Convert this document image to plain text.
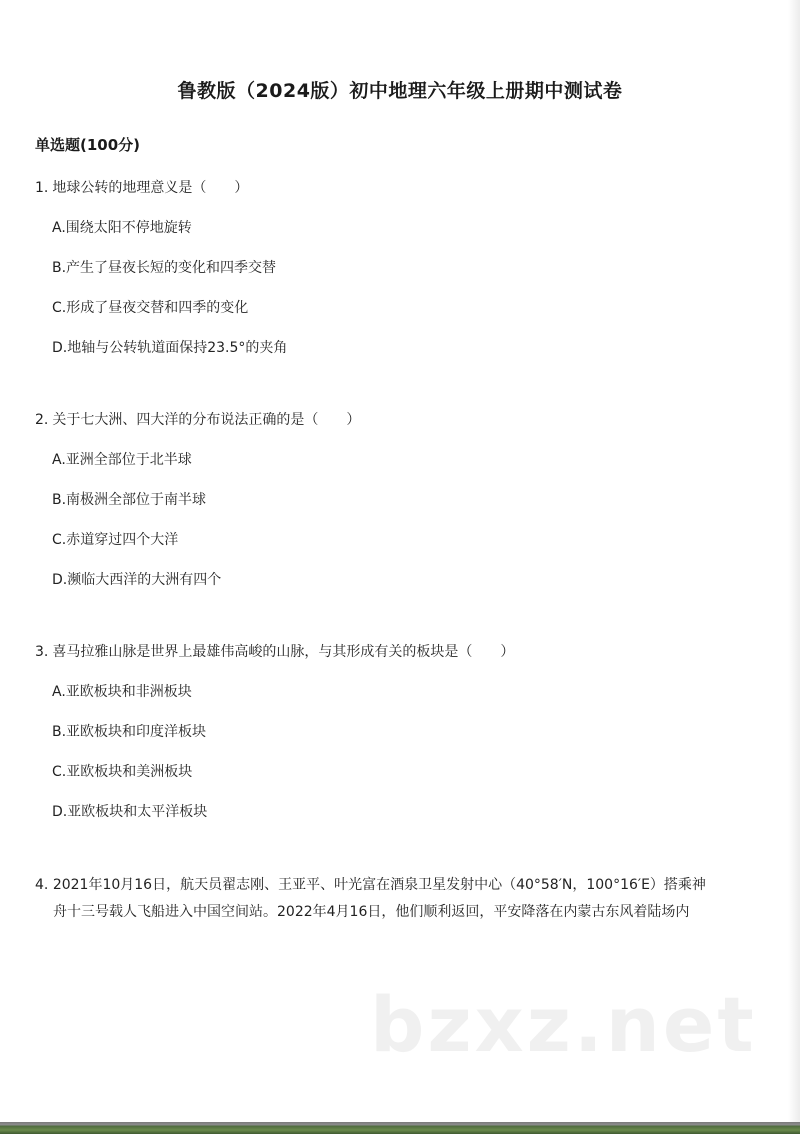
鲁教版（2024版）初中地理六年级上册期中测试卷
单选题(100分)
1. 地球公转的地理意义是（　　）
A.围绕太阳不停地旋转
B.产生了昼夜长短的变化和四季交替
C.形成了昼夜交替和四季的变化
D.地轴与公转轨道面保持23.5°的夹角
2. 关于七大洲、四大洋的分布说法正确的是（　　）
A.亚洲全部位于北半球
B.南极洲全部位于南半球
C.赤道穿过四个大洋
D.濒临大西洋的大洲有四个
3. 喜马拉雅山脉是世界上最雄伟高峻的山脉，与其形成有关的板块是（　　）
A.亚欧板块和非洲板块
B.亚欧板块和印度洋板块
C.亚欧板块和美洲板块
D.亚欧板块和太平洋板块
4. 2021年10月16日，航天员翟志刚、王亚平、叶光富在酒泉卫星发射中心（40°58′N，100°16′E）搭乘神
舟十三号载人飞船进入中国空间站。2022年4月16日，他们顺利返回，平安降落在内蒙古东风着陆场内
bzxz.net
